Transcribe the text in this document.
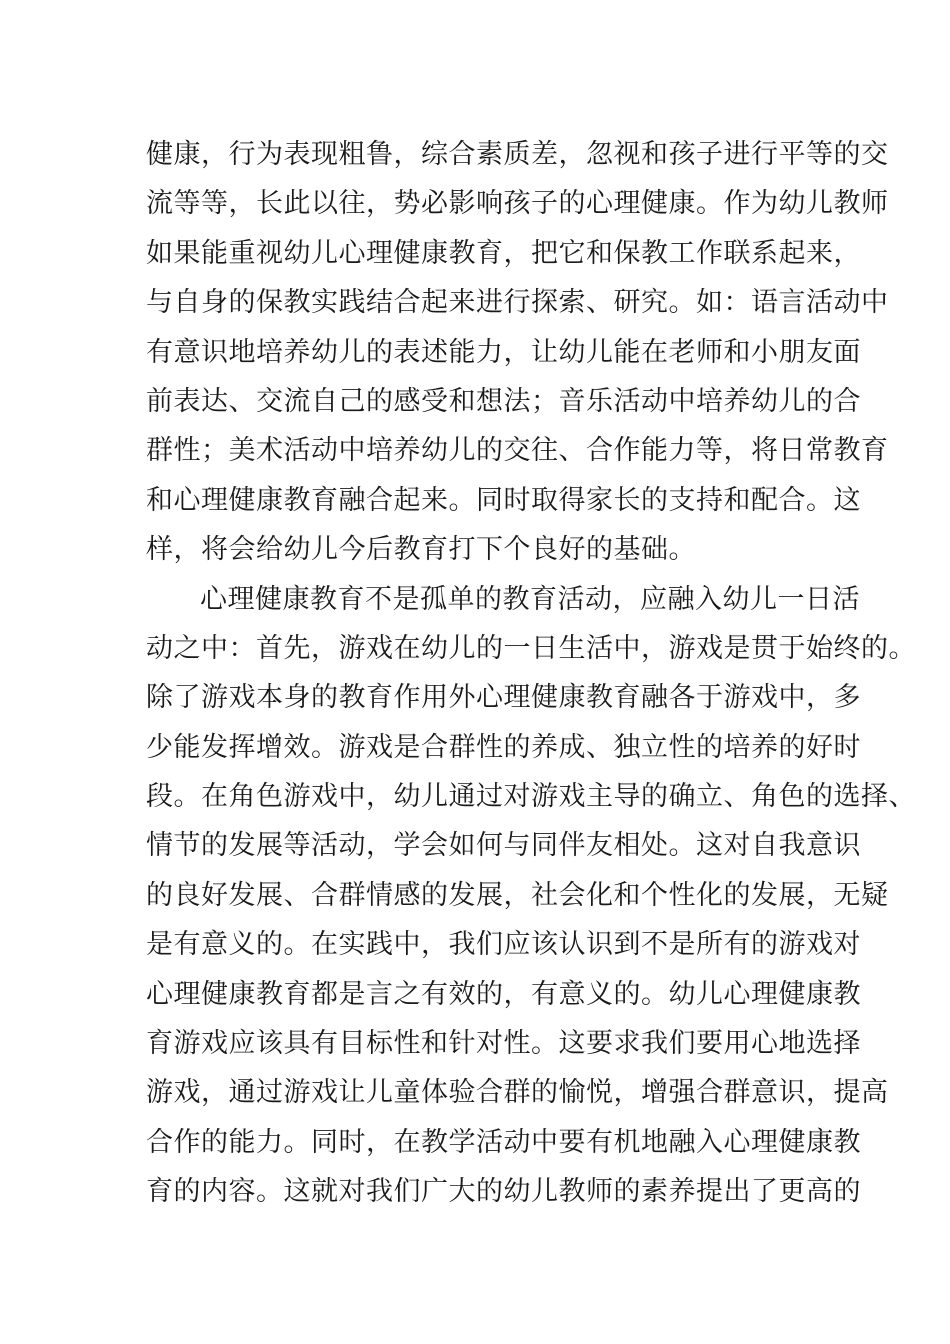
健康，行为表现粗鲁，综合素质差，忽视和孩子进行平等的交
流等等，长此以往，势必影响孩子的心理健康。作为幼儿教师
如果能重视幼儿心理健康教育，把它和保教工作联系起来，
与自身的保教实践结合起来进行探索、研究。如：语言活动中
有意识地培养幼儿的表述能力，让幼儿能在老师和小朋友面
前表达、交流自己的感受和想法；音乐活动中培养幼儿的合
群性；美术活动中培养幼儿的交往、合作能力等，将日常教育
和心理健康教育融合起来。同时取得家长的支持和配合。这
样，将会给幼儿今后教育打下个良好的基础。
心理健康教育不是孤单的教育活动，应融入幼儿一日活
动之中：首先，游戏在幼儿的一日生活中，游戏是贯于始终的。
除了游戏本身的教育作用外心理健康教育融各于游戏中，多
少能发挥增效。游戏是合群性的养成、独立性的培养的好时
段。在角色游戏中，幼儿通过对游戏主导的确立、角色的选择、
情节的发展等活动，学会如何与同伴友相处。这对自我意识
的良好发展、合群情感的发展，社会化和个性化的发展，无疑
是有意义的。在实践中，我们应该认识到不是所有的游戏对
心理健康教育都是言之有效的，有意义的。幼儿心理健康教
育游戏应该具有目标性和针对性。这要求我们要用心地选择
游戏，通过游戏让儿童体验合群的愉悦，增强合群意识，提高
合作的能力。同时，在教学活动中要有机地融入心理健康教
育的内容。这就对我们广大的幼儿教师的素养提出了更高的
